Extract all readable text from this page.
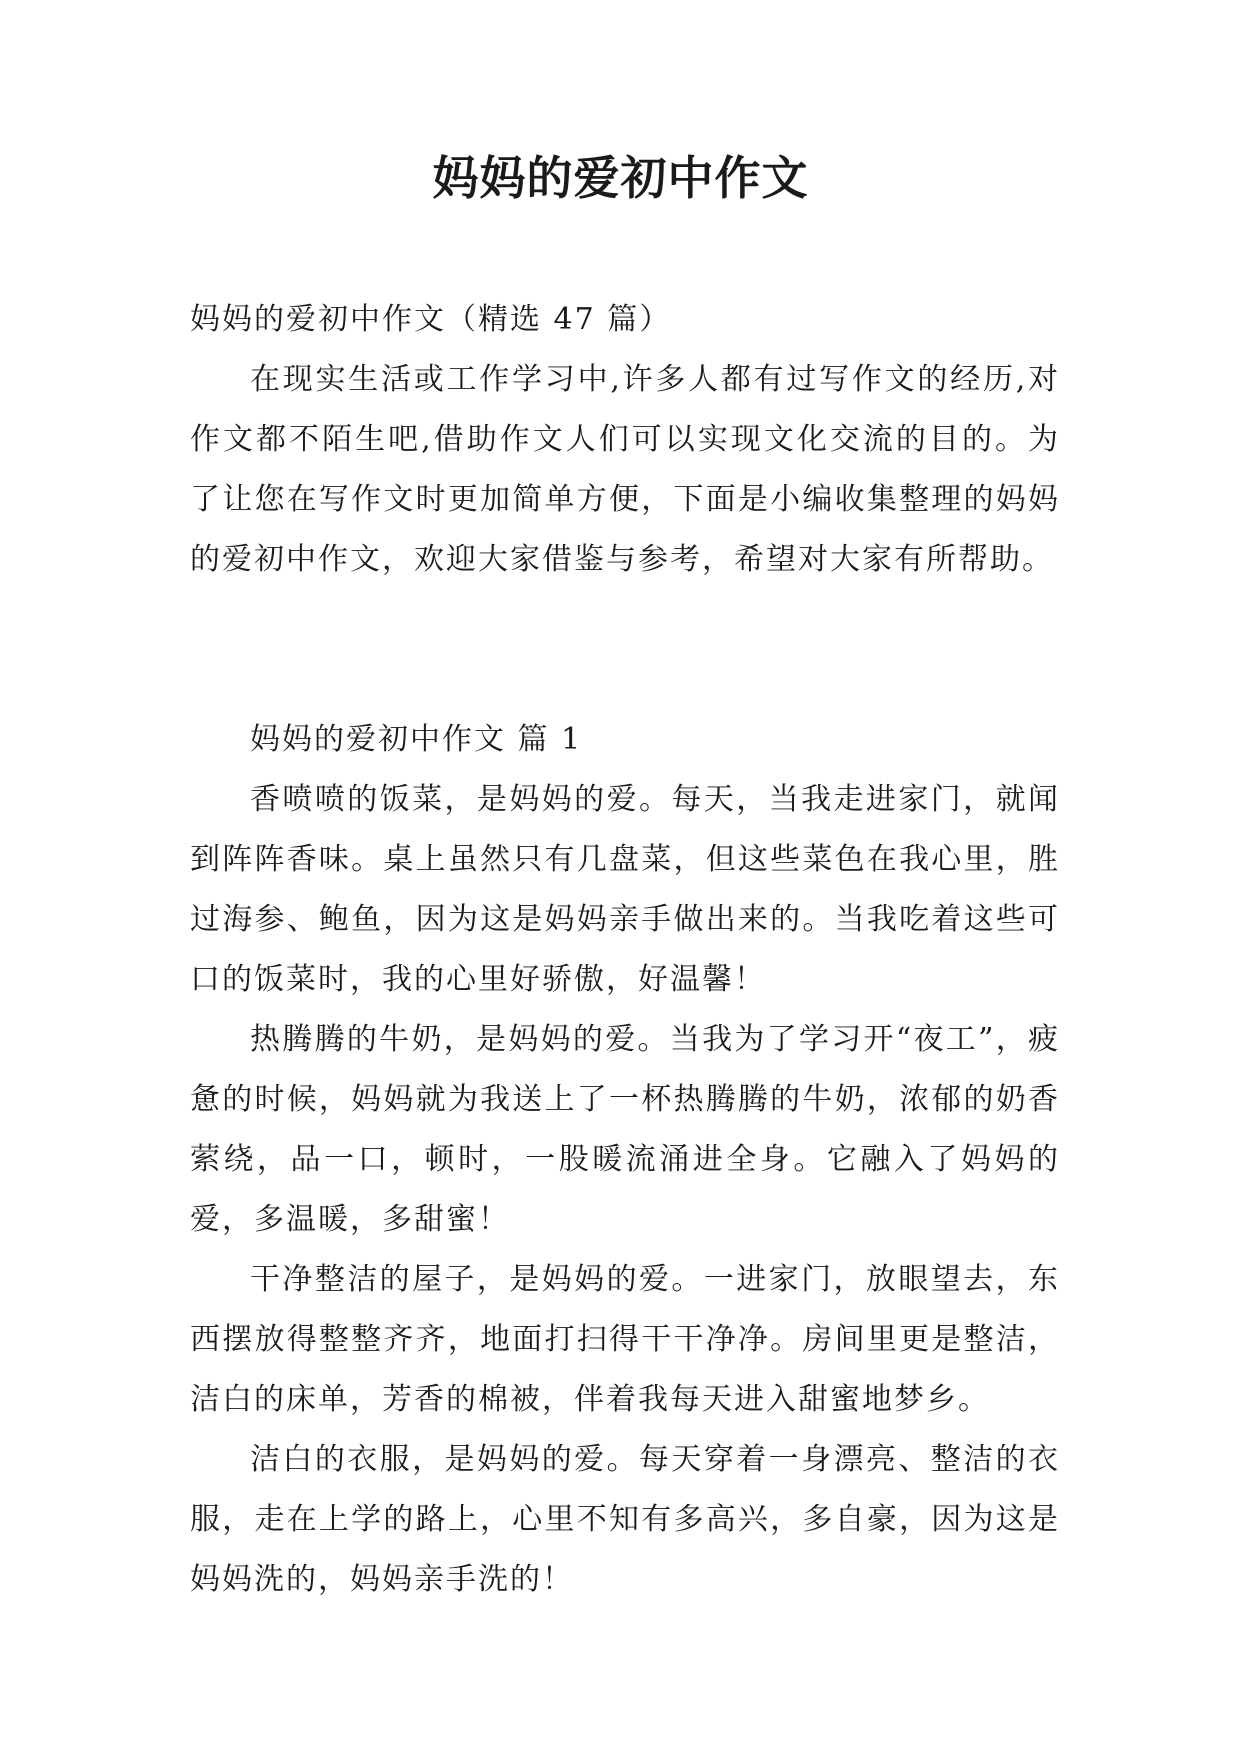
妈妈的爱初中作文

妈妈的爱初中作文（精选 47 篇）

在现实生活或工作学习中,许多人都有过写作文的经历,对作文都不陌生吧,借助作文人们可以实现文化交流的目的。为了让您在写作文时更加简单方便，下面是小编收集整理的妈妈的爱初中作文，欢迎大家借鉴与参考，希望对大家有所帮助。

妈妈的爱初中作文 篇 1

香喷喷的饭菜，是妈妈的爱。每天，当我走进家门，就闻到阵阵香味。桌上虽然只有几盘菜，但这些菜色在我心里，胜过海参、鲍鱼，因为这是妈妈亲手做出来的。当我吃着这些可口的饭菜时，我的心里好骄傲，好温馨！

热腾腾的牛奶，是妈妈的爱。当我为了学习开“夜工”，疲惫的时候，妈妈就为我送上了一杯热腾腾的牛奶，浓郁的奶香萦绕，品一口，顿时，一股暖流涌进全身。它融入了妈妈的爱，多温暖，多甜蜜！

干净整洁的屋子，是妈妈的爱。一进家门，放眼望去，东西摆放得整整齐齐，地面打扫得干干净净。房间里更是整洁，洁白的床单，芳香的棉被，伴着我每天进入甜蜜地梦乡。

洁白的衣服，是妈妈的爱。每天穿着一身漂亮、整洁的衣服，走在上学的路上，心里不知有多高兴，多自豪，因为这是妈妈洗的，妈妈亲手洗的！
